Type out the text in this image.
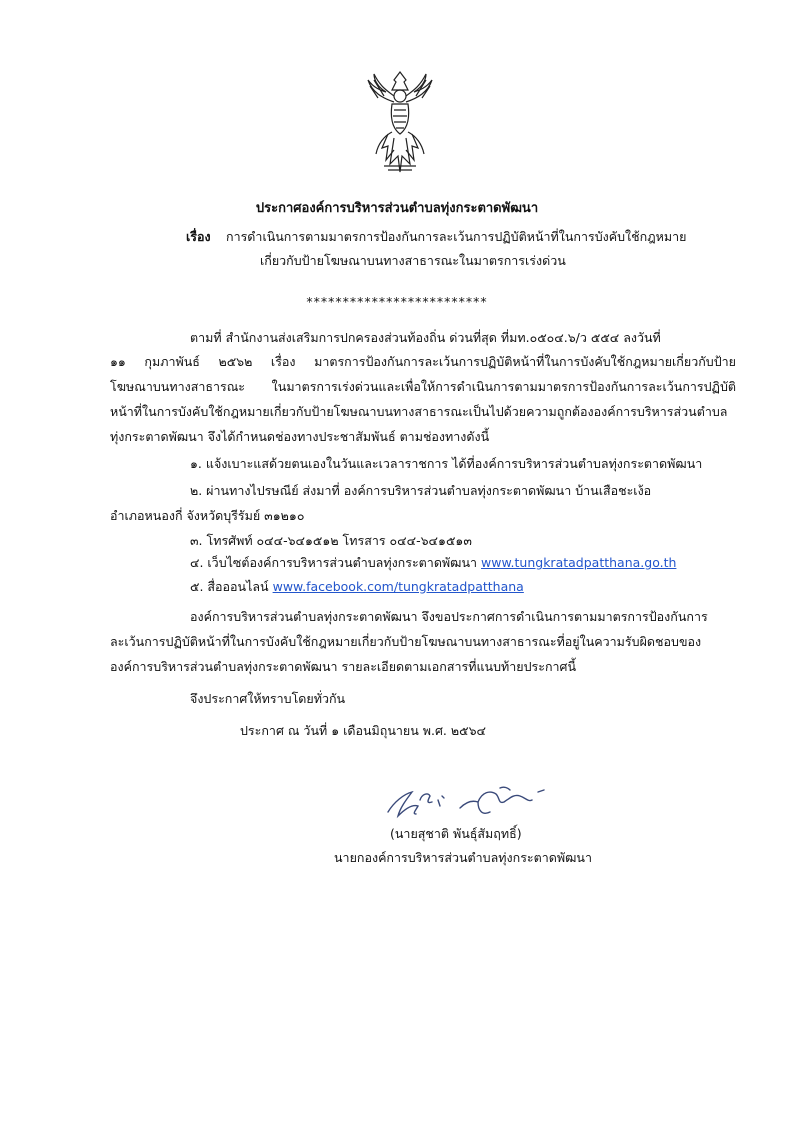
ประกาศองค์การบริหารส่วนตำบลทุ่งกระตาดพัฒนา
เรื่อง การดำเนินการตามมาตรการป้องกันการละเว้นการปฏิบัติหน้าที่ในการบังคับใช้กฎหมาย
เกี่ยวกับป้ายโฆษณาบนทางสาธารณะในมาตรการเร่งด่วน
*************************
ตามที่ สำนักงานส่งเสริมการปกครองส่วนท้องถิ่น ด่วนที่สุด ที่มท.๐๕๐๔.๖/ว ๕๕๔ ลงวันที่
๑๑ กุมภาพันธ์ ๒๕๖๒ เรื่อง มาตรการป้องกันการละเว้นการปฏิบัติหน้าที่ในการบังคับใช้กฎหมายเกี่ยวกับป้าย
โฆษณาบนทางสาธารณะ ในมาตรการเร่งด่วนและเพื่อให้การดำเนินการตามมาตรการป้องกันการละเว้นการปฏิบัติ
หน้าที่ในการบังคับใช้กฎหมายเกี่ยวกับป้ายโฆษณาบนทางสาธารณะเป็นไปด้วยความถูกต้ององค์การบริหารส่วนตำบล
ทุ่งกระตาดพัฒนา จึงได้กำหนดช่องทางประชาสัมพันธ์ ตามช่องทางดังนี้
๑. แจ้งเบาะแสด้วยตนเองในวันและเวลาราชการ ได้ที่องค์การบริหารส่วนตำบลทุ่งกระตาดพัฒนา
๒. ผ่านทางไปรษณีย์ ส่งมาที่ องค์การบริหารส่วนตำบลทุ่งกระตาดพัฒนา บ้านเสือชะเง้อ
อำเภอหนองกี่ จังหวัดบุรีรัมย์ ๓๑๒๑๐
๓. โทรศัพท์ ๐๔๔-๖๔๑๕๑๒ โทรสาร ๐๔๔-๖๔๑๕๑๓
๔. เว็บไซต์องค์การบริหารส่วนตำบลทุ่งกระตาดพัฒนา www.tungkratadpatthana.go.th
๕. สื่อออนไลน์ www.facebook.com/tungkratadpatthana
องค์การบริหารส่วนตำบลทุ่งกระตาดพัฒนา จึงขอประกาศการดำเนินการตามมาตรการป้องกันการ
ละเว้นการปฏิบัติหน้าที่ในการบังคับใช้กฎหมายเกี่ยวกับป้ายโฆษณาบนทางสาธารณะที่อยู่ในความรับผิดชอบของ
องค์การบริหารส่วนตำบลทุ่งกระตาดพัฒนา รายละเอียดตามเอกสารที่แนบท้ายประกาศนี้
จึงประกาศให้ทราบโดยทั่วกัน
ประกาศ ณ วันที่ ๑ เดือนมิถุนายน พ.ศ. ๒๕๖๔
(นายสุชาติ พันธุ์สัมฤทธิ์)
นายกองค์การบริหารส่วนตำบลทุ่งกระตาดพัฒนา
